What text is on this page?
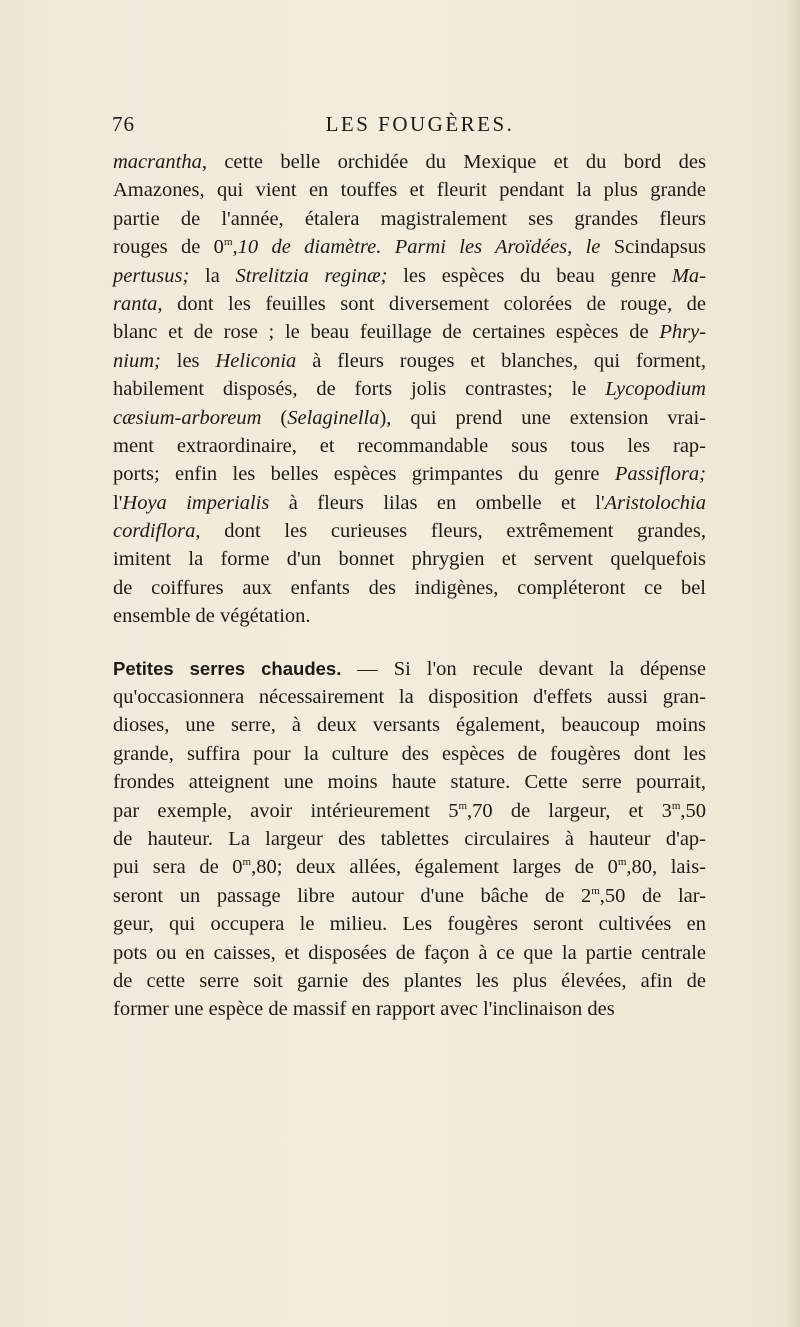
76	LES FOUGÈRES.

macrantha, cette belle orchidée du Mexique et du bord des
Amazones, qui vient en touffes et fleurit pendant la plus grande
partie de l'année, étalera magistralement ses grandes fleurs
rouges de 0$^m$,10 de diamètre. Parmi les Aroïdées, le Scindapsus
pertusus; la Strelitzia reginæ; les espèces du beau genre Ma-
ranta, dont les feuilles sont diversement colorées de rouge, de
blanc et de rose ; le beau feuillage de certaines espèces de Phry-
nium; les Heliconia à fleurs rouges et blanches, qui forment,
habilement disposés, de forts jolis contrastes; le Lycopodium
cæsium-arboreum (Selaginella), qui prend une extension vrai-
ment extraordinaire, et recommandable sous tous les rap-
ports; enfin les belles espèces grimpantes du genre Passiflora;
l'Hoya imperialis à fleurs lilas en ombelle et l'Aristolochia
cordiflora, dont les curieuses fleurs, extrêmement grandes,
imitent la forme d'un bonnet phrygien et servent quelquefois
de coiffures aux enfants des indigènes, compléteront ce bel
ensemble de végétation.

Petites serres chaudes. — Si l'on recule devant la dépense
qu'occasionnera nécessairement la disposition d'effets aussi gran-
dioses, une serre, à deux versants également, beaucoup moins
grande, suffira pour la culture des espèces de fougères dont les
frondes atteignent une moins haute stature. Cette serre pourrait,
par exemple, avoir intérieurement 5$^m$,70 de largeur, et 3$^m$,50
de hauteur. La largeur des tablettes circulaires à hauteur d'ap-
pui sera de 0$^m$,80; deux allées, également larges de 0$^m$,80, lais-
seront un passage libre autour d'une bâche de 2$^m$,50 de lar-
geur, qui occupera le milieu. Les fougères seront cultivées en
pots ou en caisses, et disposées de façon à ce que la partie centrale
de cette serre soit garnie des plantes les plus élevées, afin de
former une espèce de massif en rapport avec l'inclinaison des
